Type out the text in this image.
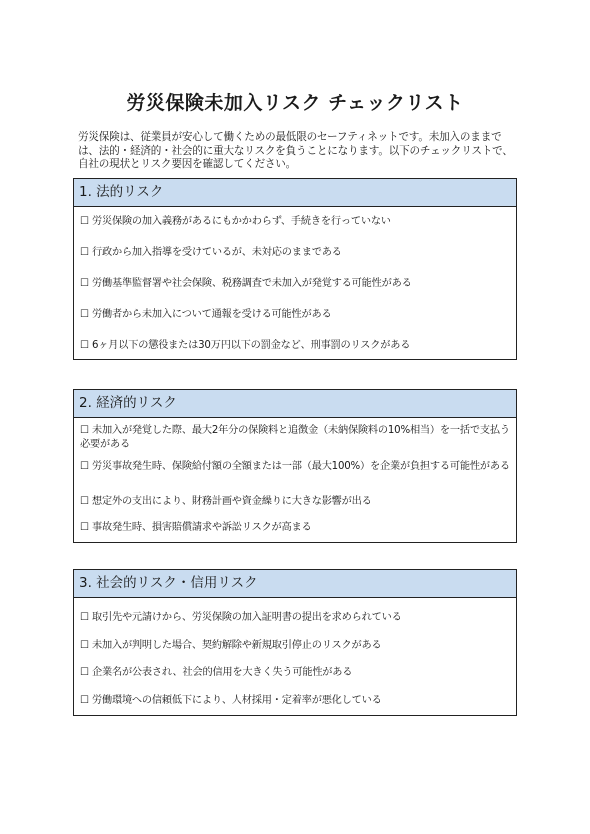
労災保険未加入リスク チェックリスト
労災保険は、従業員が安心して働くための最低限のセーフティネットです。未加入のままでは、法的・経済的・社会的に重大なリスクを負うことになります。以下のチェックリストで、自社の現状とリスク要因を確認してください。
1. 法的リスク
☐ 労災保険の加入義務があるにもかかわらず、手続きを行っていない
☐ 行政から加入指導を受けているが、未対応のままである
☐ 労働基準監督署や社会保険、税務調査で未加入が発覚する可能性がある
☐ 労働者から未加入について通報を受ける可能性がある
☐ 6ヶ月以下の懲役または30万円以下の罰金など、刑事罰のリスクがある
2. 経済的リスク
☐ 未加入が発覚した際、最大2年分の保険料と追徴金（未納保険料の10%相当）を一括で支払う必要がある
☐ 労災事故発生時、保険給付額の全額または一部（最大100%）を企業が負担する可能性がある
☐ 想定外の支出により、財務計画や資金繰りに大きな影響が出る
☐ 事故発生時、損害賠償請求や訴訟リスクが高まる
3. 社会的リスク・信用リスク
☐ 取引先や元請けから、労災保険の加入証明書の提出を求められている
☐ 未加入が判明した場合、契約解除や新規取引停止のリスクがある
☐ 企業名が公表され、社会的信用を大きく失う可能性がある
☐ 労働環境への信頼低下により、人材採用・定着率が悪化している
